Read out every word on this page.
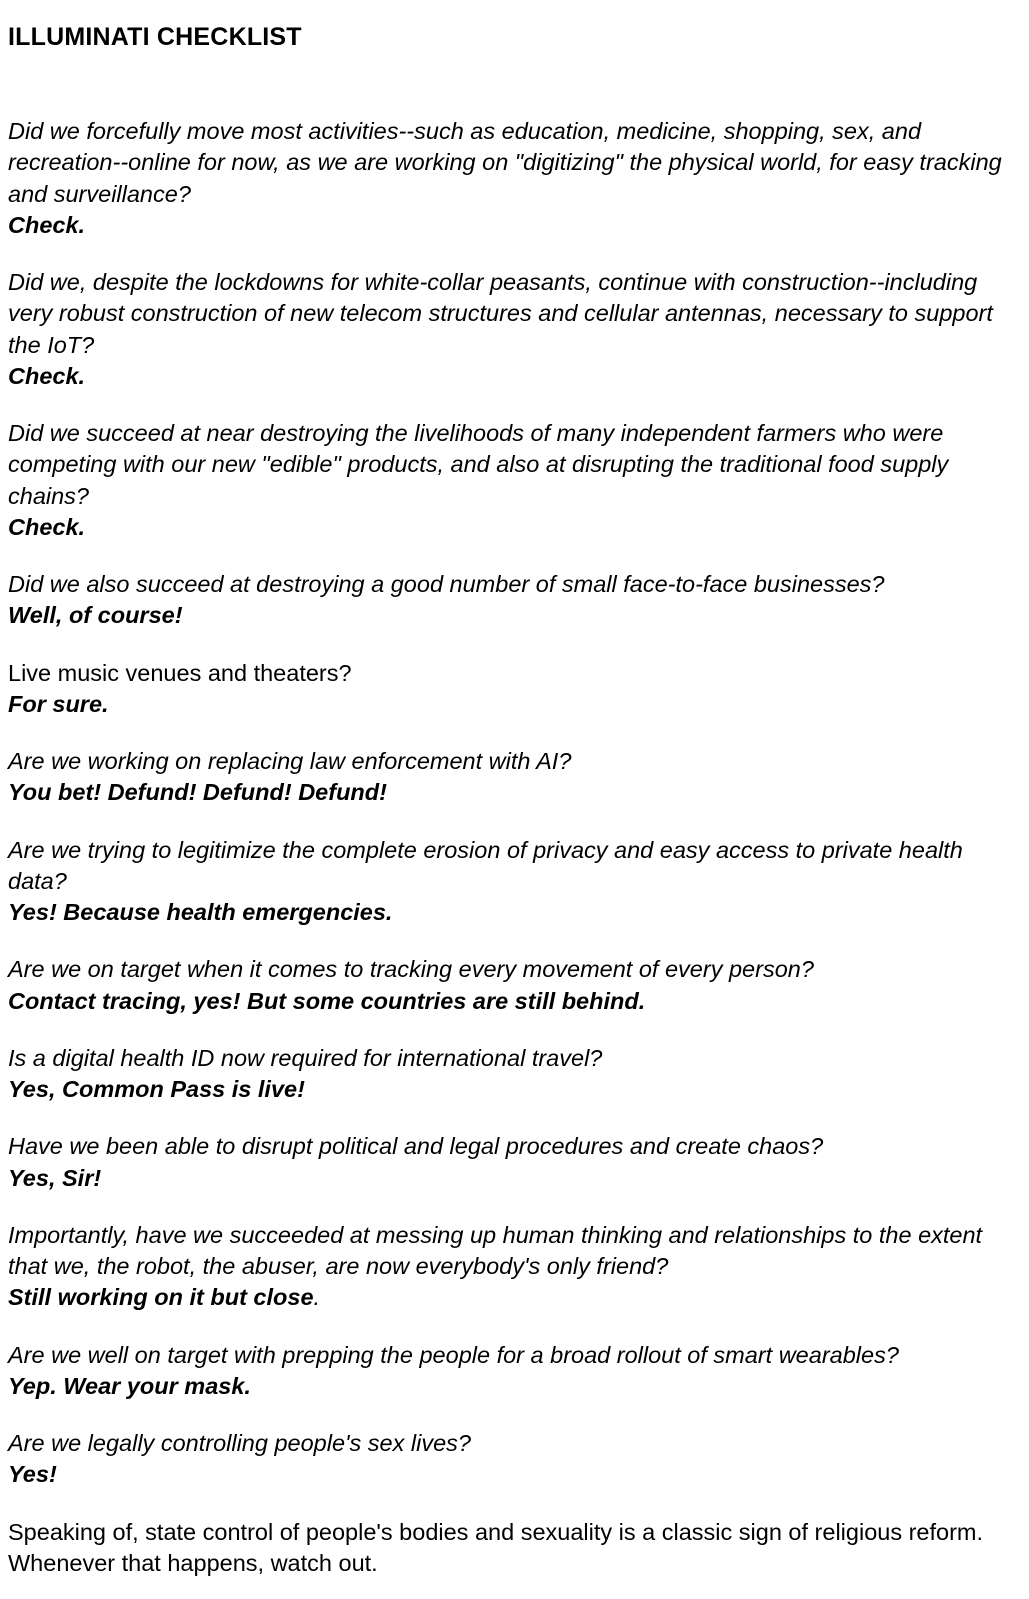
ILLUMINATI CHECKLIST

Did we forcefully move most activities--such as education, medicine, shopping, sex, and recreation--online for now, as we are working on "digitizing" the physical world, for easy tracking and surveillance?

Check.

Did we, despite the lockdowns for white-collar peasants, continue with construction--including very robust construction of new telecom structures and cellular antennas, necessary to support the IoT?

Check.

Did we succeed at near destroying the livelihoods of many independent farmers who were competing with our new "edible" products, and also at disrupting the traditional food supply chains?

Check.

Did we also succeed at destroying a good number of small face-to-face businesses?

Well, of course!

Live music venues and theaters?

For sure.

Are we working on replacing law enforcement with AI?

You bet! Defund! Defund! Defund!

Are we trying to legitimize the complete erosion of privacy and easy access to private health data?

Yes! Because health emergencies.

Are we on target when it comes to tracking every movement of every person?

Contact tracing, yes! But some countries are still behind.

Is a digital health ID now required for international travel?

Yes, Common Pass is live!

Have we been able to disrupt political and legal procedures and create chaos?

Yes, Sir!

Importantly, have we succeeded at messing up human thinking and relationships to the extent that we, the robot, the abuser, are now everybody's only friend?

Still working on it but close.

Are we well on target with prepping the people for a broad rollout of smart wearables?

Yep. Wear your mask.

Are we legally controlling people's sex lives?

Yes!

Speaking of, state control of people's bodies and sexuality is a classic sign of religious reform. Whenever that happens, watch out.
